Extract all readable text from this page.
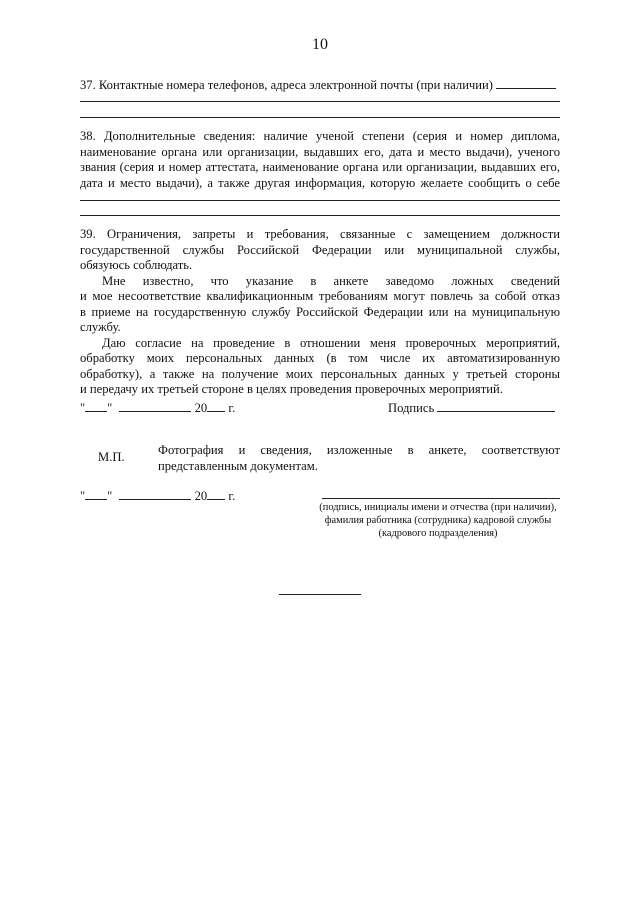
10
37. Контактные номера телефонов, адреса электронной почты (при наличии)
38. Дополнительные сведения: наличие ученой степени (серия и номер диплома,
наименование органа или организации, выдавших его, дата и место выдачи), ученого
звания (серия и номер аттестата, наименование органа или организации, выдавших его,
дата и место выдачи), а также другая информация, которую желаете сообщить о себе
39. Ограничения, запреты и требования, связанные с замещением должности
государственной службы Российской Федерации или муниципальной службы,
обязуюсь соблюдать.
Мне известно, что указание в анкете заведомо ложных сведений
и мое несоответствие квалификационным требованиям могут повлечь за собой отказ
в приеме на государственную службу Российской Федерации или на муниципальную
службу.
Даю согласие на проведение в отношении меня проверочных мероприятий,
обработку моих персональных данных (в том числе их автоматизированную
обработку), а также на получение моих персональных данных у третьей стороны
и передачу их третьей стороне в целях проведения проверочных мероприятий.
" "	20 г.	Подпись
М.П.	Фотография и сведения, изложенные в анкете, соответствуют
представленным документам.
" "	20 г.
(подпись, инициалы имени и отчества (при наличии),
фамилия работника (сотрудника) кадровой службы
(кадрового подразделения)
